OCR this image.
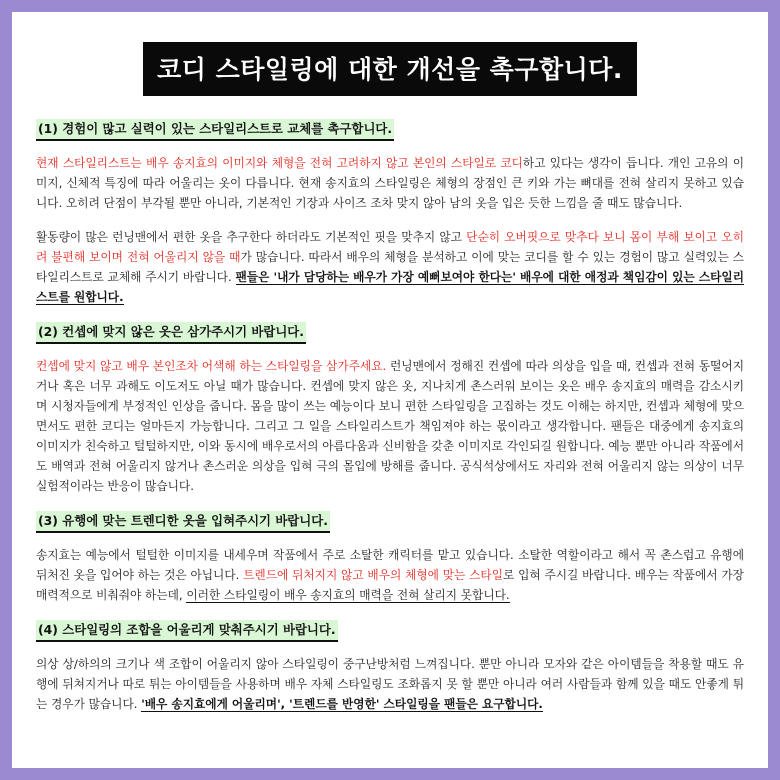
코디 스타일링에 대한 개선을 촉구합니다.
(1) 경험이 많고 실력이 있는 스타일리스트로 교체를 촉구합니다.

현재 스타일리스트는 배우 송지효의 이미지와 체형을 전혀 고려하지 않고 본인의 스타일로 코디하고 있다는 생각이 듭니다. 개인 고유의 이미지, 신체적 특징에 따라 어울리는 옷이 다릅니다. 현재 송지효의 스타일링은 체형의 장점인 큰 키와 가는 뼈대를 전혀 살리지 못하고 있습니다. 오히려 단점이 부각될 뿐만 아니라, 기본적인 기장과 사이즈 조차 맞지 않아 남의 옷을 입은 듯한 느낌을 줄 때도 많습니다.

활동량이 많은 런닝맨에서 편한 옷을 추구한다 하더라도 기본적인 핏을 맞추지 않고 단순히 오버핏으로 맞추다 보니 몸이 부해 보이고 오히려 불편해 보이며 전혀 어울리지 않을 때가 많습니다. 따라서 배우의 체형을 분석하고 이에 맞는 코디를 할 수 있는 경험이 많고 실력있는 스타일리스트로 교체해 주시기 바랍니다. 팬들은 '내가 담당하는 배우가 가장 예뻐보여야 한다는' 배우에 대한 애정과 책임감이 있는 스타일리스트를 원합니다.

(2) 컨셉에 맞지 않은 옷은 삼가주시기 바랍니다.

컨셉에 맞지 않고 배우 본인조차 어색해 하는 스타일링을 삼가주세요. 런닝맨에서 정해진 컨셉에 따라 의상을 입을 때, 컨셉과 전혀 동떨어지거나 혹은 너무 과해도 이도저도 아닐 때가 많습니다. 컨셉에 맞지 않은 옷, 지나치게 촌스러워 보이는 옷은 배우 송지효의 매력을 감소시키며 시청자들에게 부정적인 인상을 줍니다. 몸을 많이 쓰는 예능이다 보니 편한 스타일링을 고집하는 것도 이해는 하지만, 컨셉과 체형에 맞으면서도 편한 코디는 얼마든지 가능합니다. 그리고 그 일을 스타일리스트가 책임져야 하는 몫이라고 생각합니다. 팬들은 대중에게 송지효의 이미지가 친숙하고 털털하지만, 이와 동시에 배우로서의 아름다움과 신비함을 갖춘 이미지로 각인되길 원합니다. 예능 뿐만 아니라 작품에서도 배역과 전혀 어울리지 않거나 촌스러운 의상을 입혀 극의 몰입에 방해를 줍니다. 공식석상에서도 자리와 전혀 어울리지 않는 의상이 너무 실험적이라는 반응이 많습니다.

(3) 유행에 맞는 트렌디한 옷을 입혀주시기 바랍니다.

송지효는 예능에서 털털한 이미지를 내세우며 작품에서 주로 소탈한 캐릭터를 맡고 있습니다. 소탈한 역할이라고 해서 꼭 촌스럽고 유행에 뒤처진 옷을 입어야 하는 것은 아닙니다. 트렌드에 뒤처지지 않고 배우의 체형에 맞는 스타일로 입혀 주시길 바랍니다. 배우는 작품에서 가장 매력적으로 비춰줘야 하는데, 이러한 스타일링이 배우 송지효의 매력을 전혀 살리지 못합니다.

(4) 스타일링의 조합을 어울리게 맞춰주시기 바랍니다.

의상 상/하의의 크기나 색 조합이 어울리지 않아 스타일링이 중구난방처럼 느껴집니다. 뿐만 아니라 모자와 같은 아이템들을 착용할 때도 유행에 뒤쳐지거나 따로 튀는 아이템들을 사용하며 배우 자체 스타일링도 조화롭지 못 할 뿐만 아니라 여러 사람들과 함께 있을 때도 안좋게 튀는 경우가 많습니다. '배우 송지효에게 어울리며', '트렌드를 반영한' 스타일링을 팬들은 요구합니다.
